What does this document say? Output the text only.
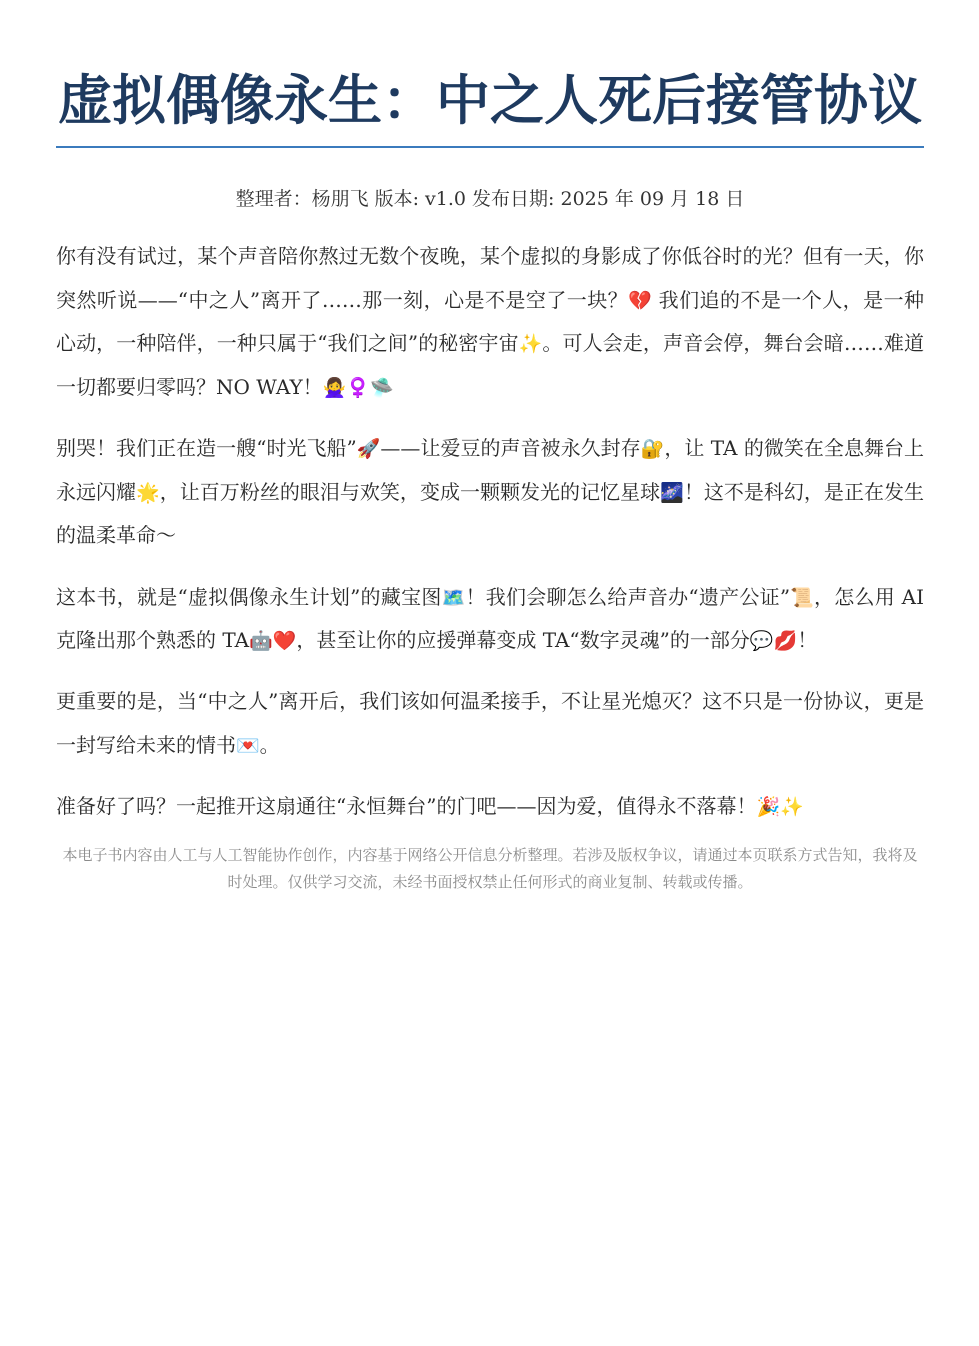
虚拟偶像永生：中之人死后接管协议
整理者：杨朋飞 版本: v1.0 发布日期: 2025 年 09 月 18 日

你有没有试过，某个声音陪你熬过无数个夜晚，某个虚拟的身影成了你低谷时的光？但有一天，你突然听说——“中之人”离开了……那一刻，心是不是空了一块？💔 我们追的不是一个人，是一种心动，一种陪伴，一种只属于“我们之间”的秘密宇宙✨。可人会走，声音会停，舞台会暗……难道一切都要归零吗？NO WAY！🙅‍♀️♀️🛸

别哭！我们正在造一艘“时光飞船”🚀——让爱豆的声音被永久封存🔐，让 TA 的微笑在全息舞台上永远闪耀🌟，让百万粉丝的眼泪与欢笑，变成一颗颗发光的记忆星球🌌！这不是科幻，是正在发生的温柔革命～

这本书，就是“虚拟偶像永生计划”的藏宝图🗺️！我们会聊怎么给声音办“遗产公证”📜，怎么用 AI 克隆出那个熟悉的 TA🤖❤️，甚至让你的应援弹幕变成 TA“数字灵魂”的一部分💬💋！

更重要的是，当“中之人”离开后，我们该如何温柔接手，不让星光熄灭？这不只是一份协议，更是一封写给未来的情书💌。

准备好了吗？一起推开这扇通往“永恒舞台”的门吧——因为爱，值得永不落幕！🎉✨

本电子书内容由人工与人工智能协作创作，内容基于网络公开信息分析整理。若涉及版权争议，请通过本页联系方式告知，我将及时处理。仅供学习交流，未经书面授权禁止任何形式的商业复制、转载或传播。
